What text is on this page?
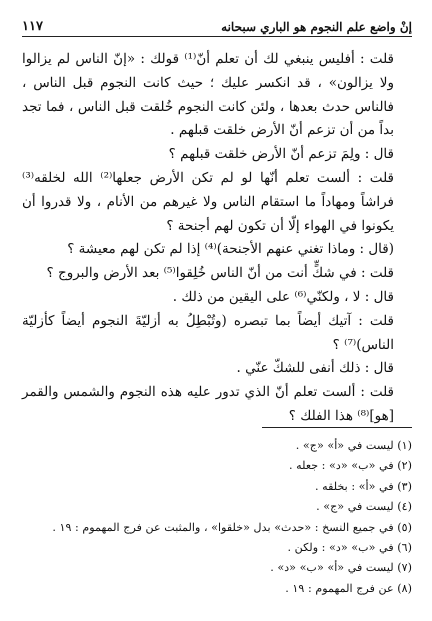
إنْ واضع علم النجوم هو الباري سبحانه
١١٧

قلت : أفليس ينبغي لك أن تعلم أنّ⁽¹⁾ قولك : «إنّ الناس لم يزالوا ولا يزالون» ، قد انكسر عليك ؛ حيث كانت النجوم قبل الناس ، فالناس حدث بعدها ، ولئن كانت النجوم خُلقت قبل الناس ، فما تجد بداً من أن تزعم أنّ الأرض خلقت قبلهم .

قال : ولِمَ تزعم أنّ الأرض خلقت قبلهم ؟

قلت : ألست تعلم أنّها لو لم تكن الأرض جعلها⁽²⁾ الله لخلقه⁽³⁾ فراشاً ومهاداً ما استقام الناس ولا غيرهم من الأنام ، ولا قدروا أن يكونوا في الهواء إلّا أن تكون لهم أجنحة ؟

(قال : وماذا تغني عنهم الأجنحة)⁽⁴⁾ إذا لم تكن لهم معيشة ؟

قلت : في شكٍّ أنت من أنّ الناس خُلِقوا⁽⁵⁾ بعد الأرض والبروج ؟

قال : لا ، ولكنّي⁽⁶⁾ على اليقين من ذلك .

قلت : آتيك أيضاً بما تبصره (وتُبْطِلُ به أزليّةَ النجوم أيضاً كأزليّة الناس)⁽⁷⁾ ؟

قال : ذلك أنفى للشكّ عنّي .

قلت : ألست تعلم أنّ الذي تدور عليه هذه النجوم والشمس والقمر [هو]⁽⁸⁾ هذا الفلك ؟

(١) ليست في «أ» «ج» .
(٢) في «ب» «د» : جعله .
(٣) في «أ» : بخلقه .
(٤) ليست في «ج» .
(٥) في جميع النسخ : «حدث» بدل «خلقوا» ، والمثبت عن فرج المهموم : ١٩ .
(٦) في «ب» «د» : ولكن .
(٧) ليست في «أ» «ب» «د» .
(٨) عن فرج المهموم : ١٩ .
